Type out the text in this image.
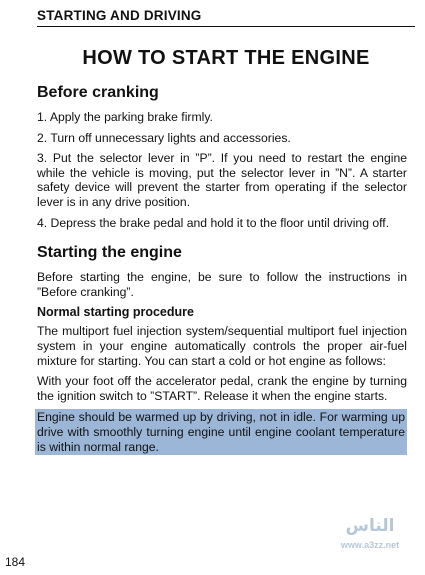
STARTING AND DRIVING
HOW TO START THE ENGINE
Before cranking

1. Apply the parking brake firmly.

2. Turn off unnecessary lights and accessories.

3. Put the selector lever in ”P”. If you need to restart the engine while the vehicle is moving, put the selector lever in ”N”. A starter safety device will prevent the starter from operating if the selector lever is in any drive position.

4. Depress the brake pedal and hold it to the floor until driving off.

Starting the engine

Before starting the engine, be sure to follow the instructions in ”Before cranking”.

Normal starting procedure

The multiport fuel injection system/sequential multiport fuel injection system in your engine automatically controls the proper air-fuel mixture for starting. You can start a cold or hot engine as follows:

With your foot off the accelerator pedal, crank the engine by turning the ignition switch to ”START”. Release it when the engine starts.

Engine should be warmed up by driving, not in idle. For warming up drive with smoothly turning engine until engine coolant temperature is within normal range.

الناس
www.a3zz.net
184
